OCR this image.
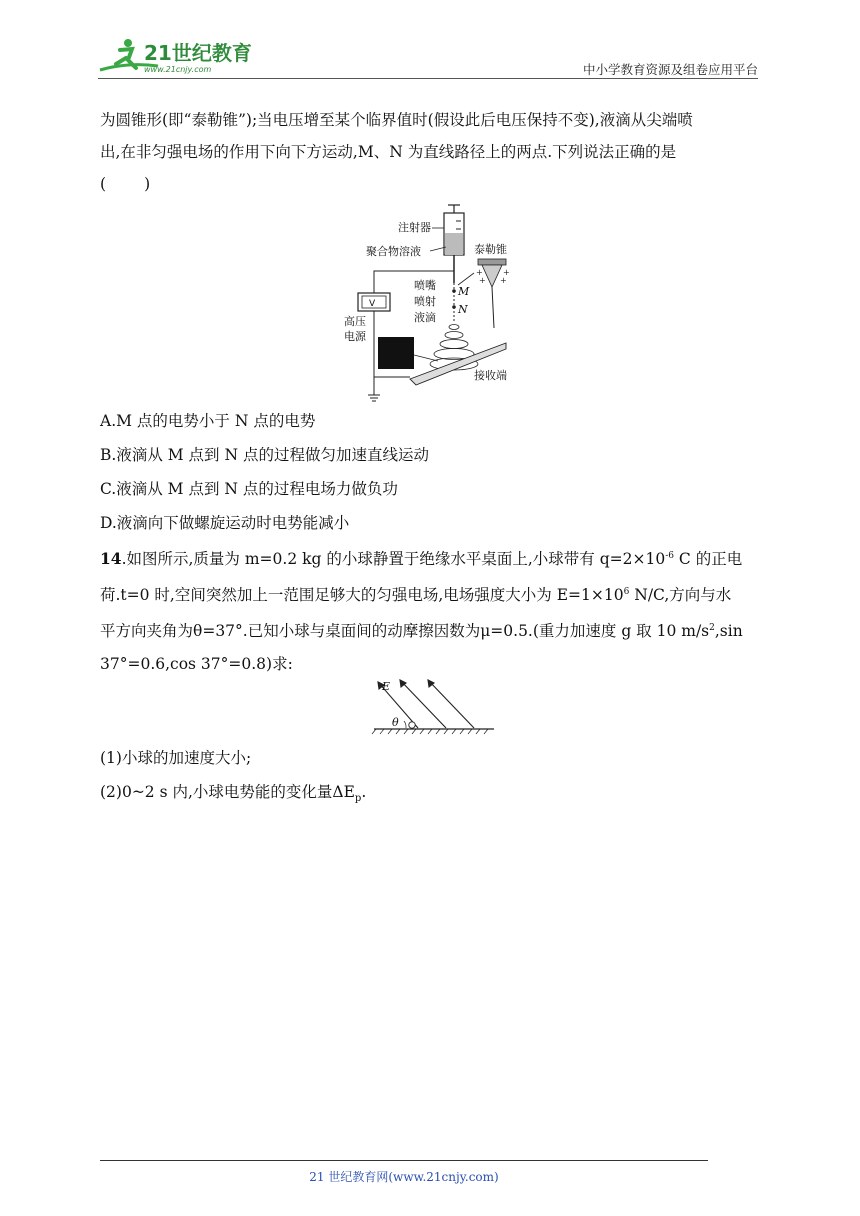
21世纪教育
www.21cnjy.com	中小学教育资源及组卷应用平台

为圆锥形(即“泰勒锥”);当电压增至某个临界值时(假设此后电压保持不变),液滴从尖端喷

出,在非匀强电场的作用下向下方运动,M、N 为直线路径上的两点.下列说法正确的是

( )

注射器
聚合物溶液	泰勒锥
+	+
+ +
喷嘴 M
喷射
N
液滴
接收端
V
高压
电源
A.M 点的电势小于 N 点的电势
B.液滴从 M 点到 N 点的过程做匀加速直线运动
C.液滴从 M 点到 N 点的过程电场力做负功
D.液滴向下做螺旋运动时电势能减小
14.如图所示,质量为 m=0.2 kg 的小球静置于绝缘水平桌面上,小球带有 $q=2\times 10^{-6}$ C 的正电
荷.t=0 时,空间突然加上一范围足够大的匀强电场,电场强度大小为 $E=1\times 10^6$ N/C,方向与水
平方向夹角为θ=37°.已知小球与桌面间的动摩擦因数为μ=0.5.(重力加速度 g 取 10 $m/s^2,\sin$
37°=0.6,cos 37°=0.8)求:
E
θ
(1)小球的加速度大小;
(2)0~2 s 内,小球电势能的变化量$\Delta E_p$.
21 世纪教育网(www.21cnjy.com)
